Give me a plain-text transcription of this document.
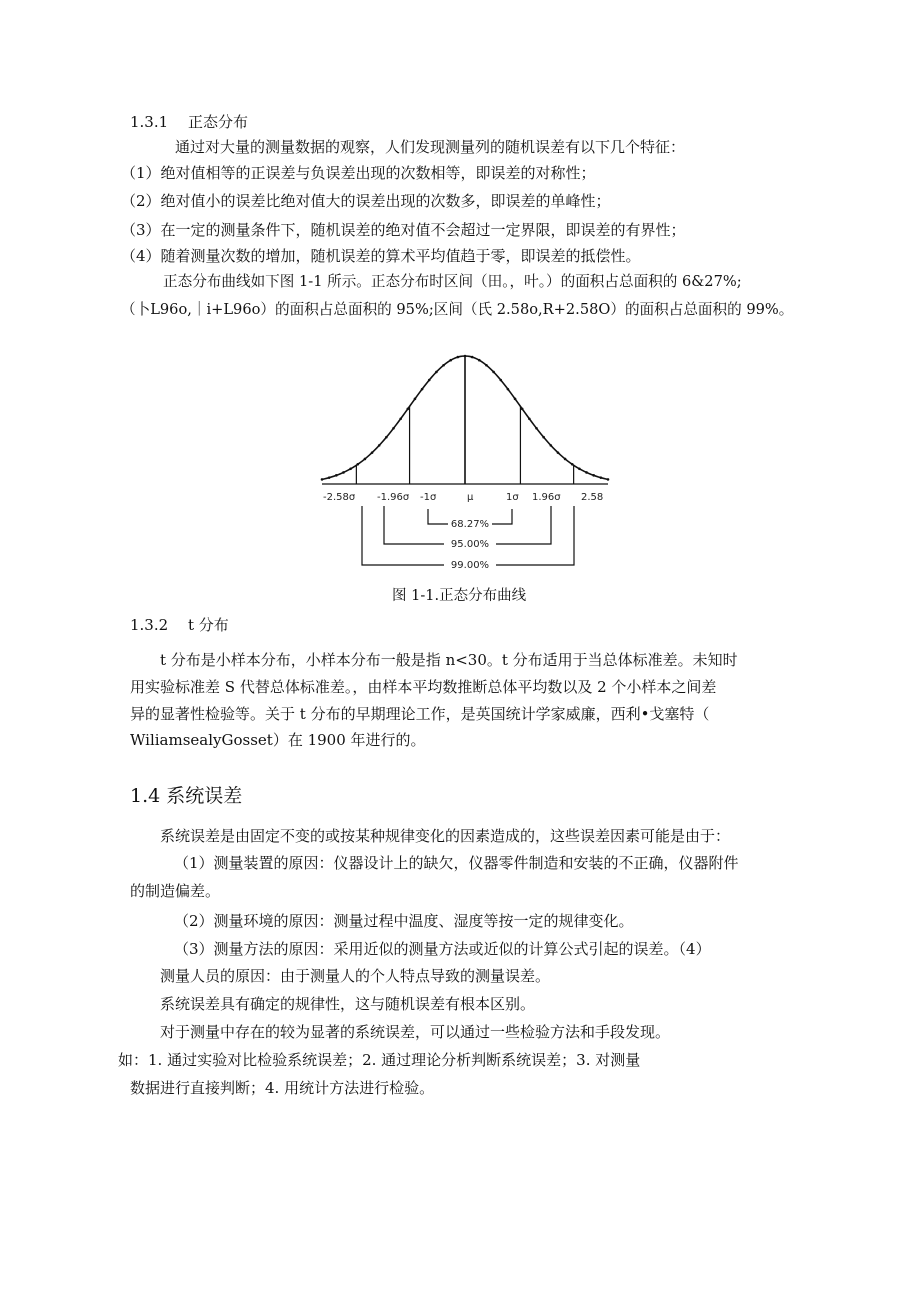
1.3.1 正态分布
通过对大量的测量数据的观察，人们发现测量列的随机误差有以下几个特征：
（1）绝对值相等的正误差与负误差出现的次数相等，即误差的对称性；
（2）绝对值小的误差比绝对值大的误差出现的次数多，即误差的单峰性；
（3）在一定的测量条件下，随机误差的绝对值不会超过一定界限，即误差的有界性；
（4）随着测量次数的增加，随机误差的算术平均值趋于零，即误差的抵偿性。
正态分布曲线如下图 1-1 所示。正态分布时区间（田。，叶。）的面积占总面积的 6&27%;
（卜L96o,｜i+L96o）的面积占总面积的 95%;区间（氏 2.58o,R+2.58O）的面积占总面积的 99%。
-2.58σ -1.96σ -1σ	μ	1σ 1.96σ 2.58
68.27%
95.00%
99.00%
图 1-1.正态分布曲线
1.3.2 t 分布
t 分布是小样本分布，小样本分布一般是指 n<30。t 分布适用于当总体标准差。未知时
用实验标准差 S 代替总体标准差。，由样本平均数推断总体平均数以及 2 个小样本之间差
异的显著性检验等。关于 t 分布的早期理论工作，是英国统计学家威廉，西利•戈塞特（
WiliamsealyGosset）在 1900 年进行的。
1.4 系统误差
系统误差是由固定不变的或按某种规律变化的因素造成的，这些误差因素可能是由于：
（1）测量装置的原因：仪器设计上的缺欠，仪器零件制造和安装的不正确，仪器附件
的制造偏差。
（2）测量环境的原因：测量过程中温度、湿度等按一定的规律变化。
（3）测量方法的原因：采用近似的测量方法或近似的计算公式引起的误差。（4）
测量人员的原因：由于测量人的个人特点导致的测量误差。
系统误差具有确定的规律性，这与随机误差有根本区别。
对于测量中存在的较为显著的系统误差，可以通过一些检验方法和手段发现。
如：1. 通过实验对比检验系统误差；2. 通过理论分析判断系统误差；3. 对测量
数据进行直接判断；4. 用统计方法进行检验。
